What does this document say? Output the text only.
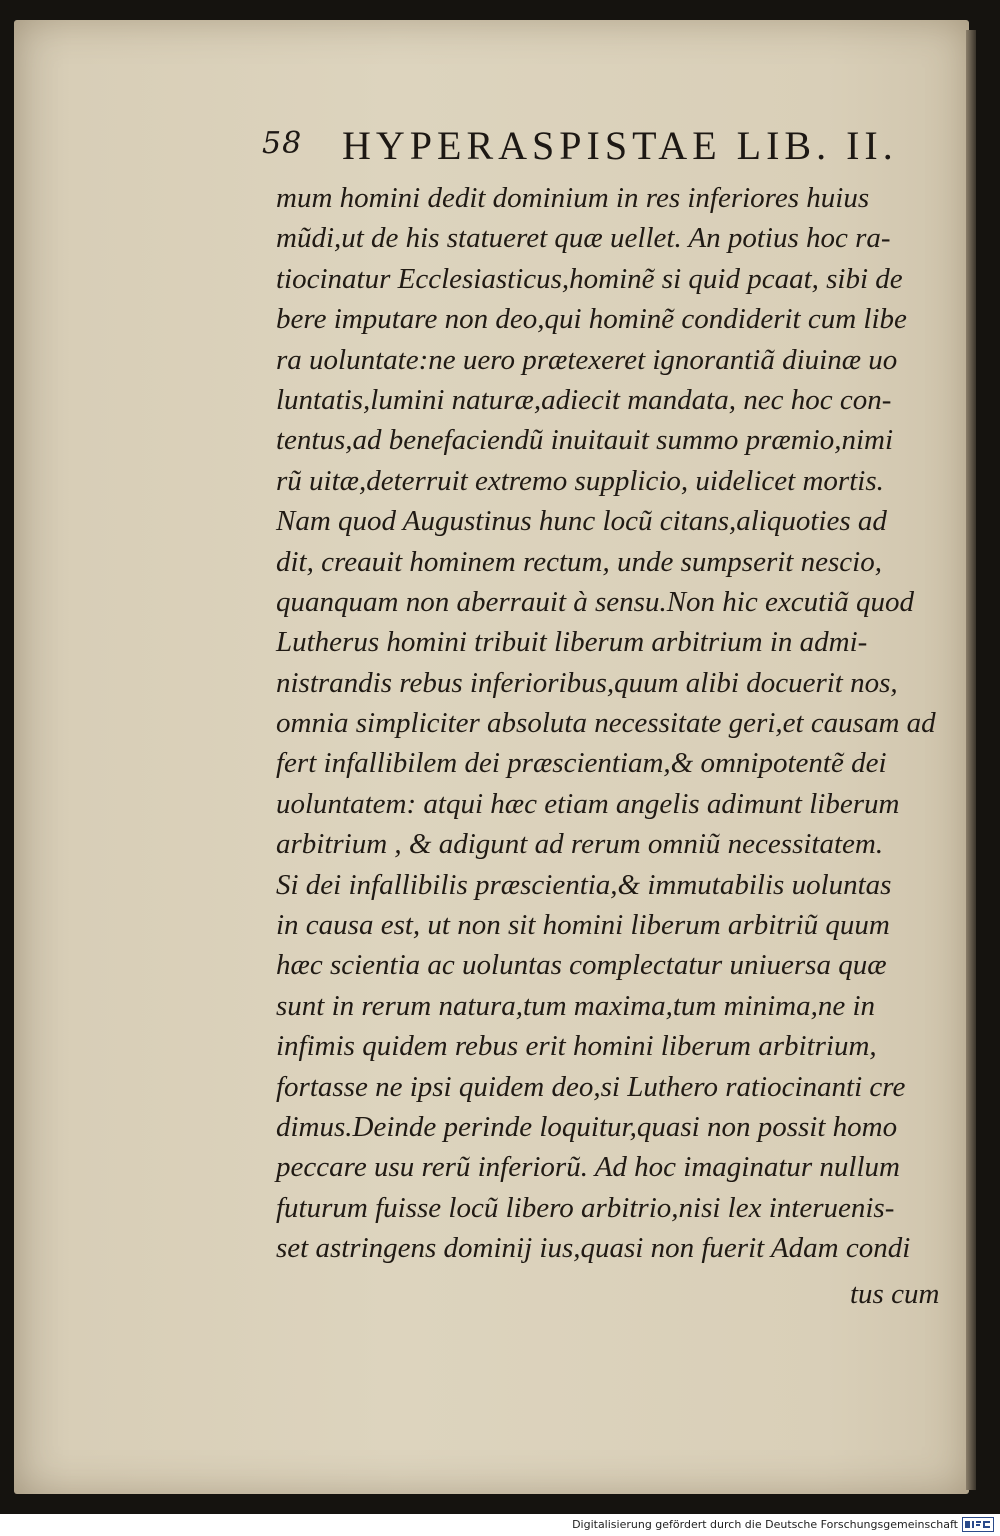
58 HYPERASPISTAE LIB. II.
mum homini dedit dominium in res inferiores huius
mũdi,ut de his statueret quæ uellet. An potius hoc ra-
tiocinatur Ecclesiasticus,hominẽ si quid pcaat, sibi de
bere imputare non deo,qui hominẽ condiderit cum libe
ra uoluntate:ne uero prætexeret ignorantiã diuinæ uo
luntatis,lumini naturæ,adiecit mandata, nec hoc con-
tentus,ad benefaciendũ inuitauit summo præmio,nimi
rũ uitæ,deterruit extremo supplicio, uidelicet mortis.
Nam quod Augustinus hunc locũ citans,aliquoties ad
dit, creauit hominem rectum, unde sumpserit nescio,
quanquam non aberrauit à sensu.Non hic excutiã quod
Lutherus homini tribuit liberum arbitrium in admi-
nistrandis rebus inferioribus,quum alibi docuerit nos,
omnia simpliciter absoluta necessitate geri,et causam ad
fert infallibilem dei præscientiam,& omnipotentẽ dei
uoluntatem: atqui hæc etiam angelis adimunt liberum
arbitrium , & adigunt ad rerum omniũ necessitatem.
Si dei infallibilis præscientia,& immutabilis uoluntas
in causa est, ut non sit homini liberum arbitriũ quum
hæc scientia ac uoluntas complectatur uniuersa quæ
sunt in rerum natura,tum maxima,tum minima,ne in
infimis quidem rebus erit homini liberum arbitrium,
fortasse ne ipsi quidem deo,si Luthero ratiocinanti cre
dimus.Deinde perinde loquitur,quasi non possit homo
peccare usu rerũ inferiorũ. Ad hoc imaginatur nullum
futurum fuisse locũ libero arbitrio,nisi lex interuenis-
set astringens dominij ius,quasi non fuerit Adam condi
tus cum
Digitalisierung gefördert durch die Deutsche Forschungsgemeinschaft
